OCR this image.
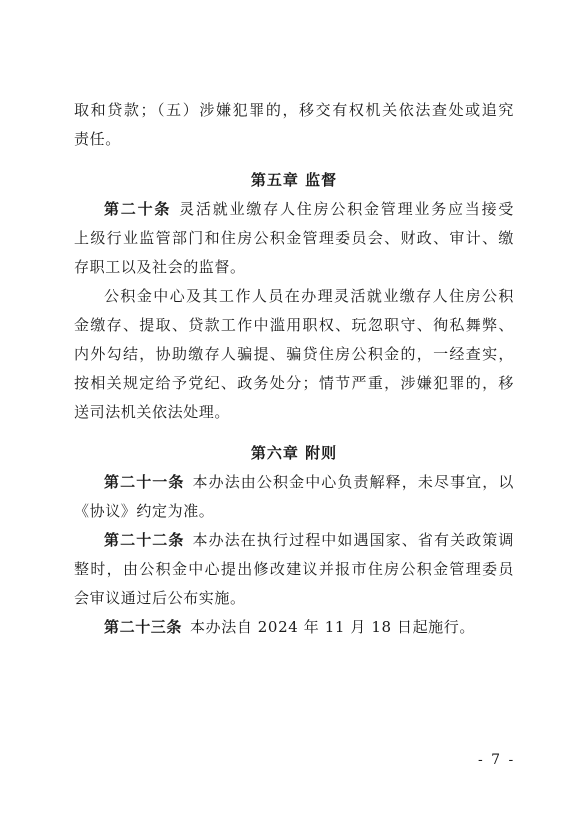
取和贷款；（五）涉嫌犯罪的，移交有权机关依法查处或追究
责任。
第五章 监督
第二十条 灵活就业缴存人住房公积金管理业务应当接受
上级行业监管部门和住房公积金管理委员会、财政、审计、缴
存职工以及社会的监督。
公积金中心及其工作人员在办理灵活就业缴存人住房公积
金缴存、提取、贷款工作中滥用职权、玩忽职守、徇私舞弊、
内外勾结，协助缴存人骗提、骗贷住房公积金的，一经查实，
按相关规定给予党纪、政务处分；情节严重，涉嫌犯罪的，移
送司法机关依法处理。
第六章 附则
第二十一条 本办法由公积金中心负责解释，未尽事宜，以
《协议》约定为准。
第二十二条 本办法在执行过程中如遇国家、省有关政策调
整时，由公积金中心提出修改建议并报市住房公积金管理委员
会审议通过后公布实施。
第二十三条 本办法自 2024 年 11 月 18 日起施行。
- 7 -
